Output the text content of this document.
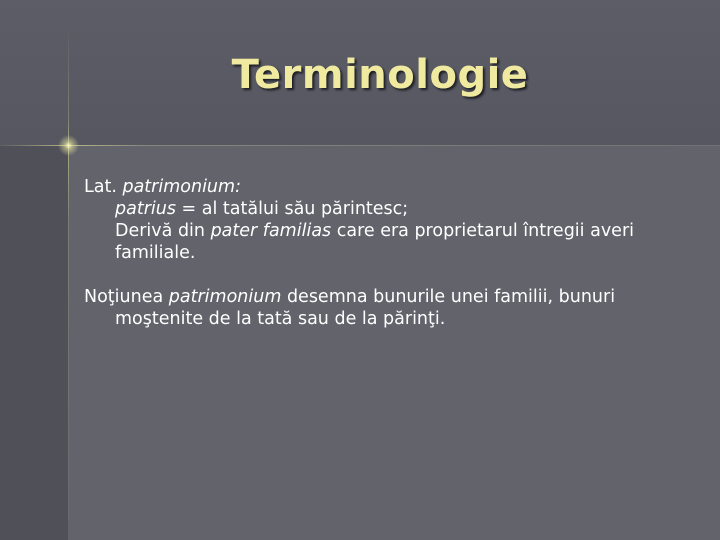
Terminologie

Lat. patrimonium:

patrius = al tatălui său părintesc;

Derivă din pater familias care era proprietarul întregii averi familiale.

Noţiunea patrimonium desemna bunurile unei familii, bunuri moştenite de la tată sau de la părinţi.
